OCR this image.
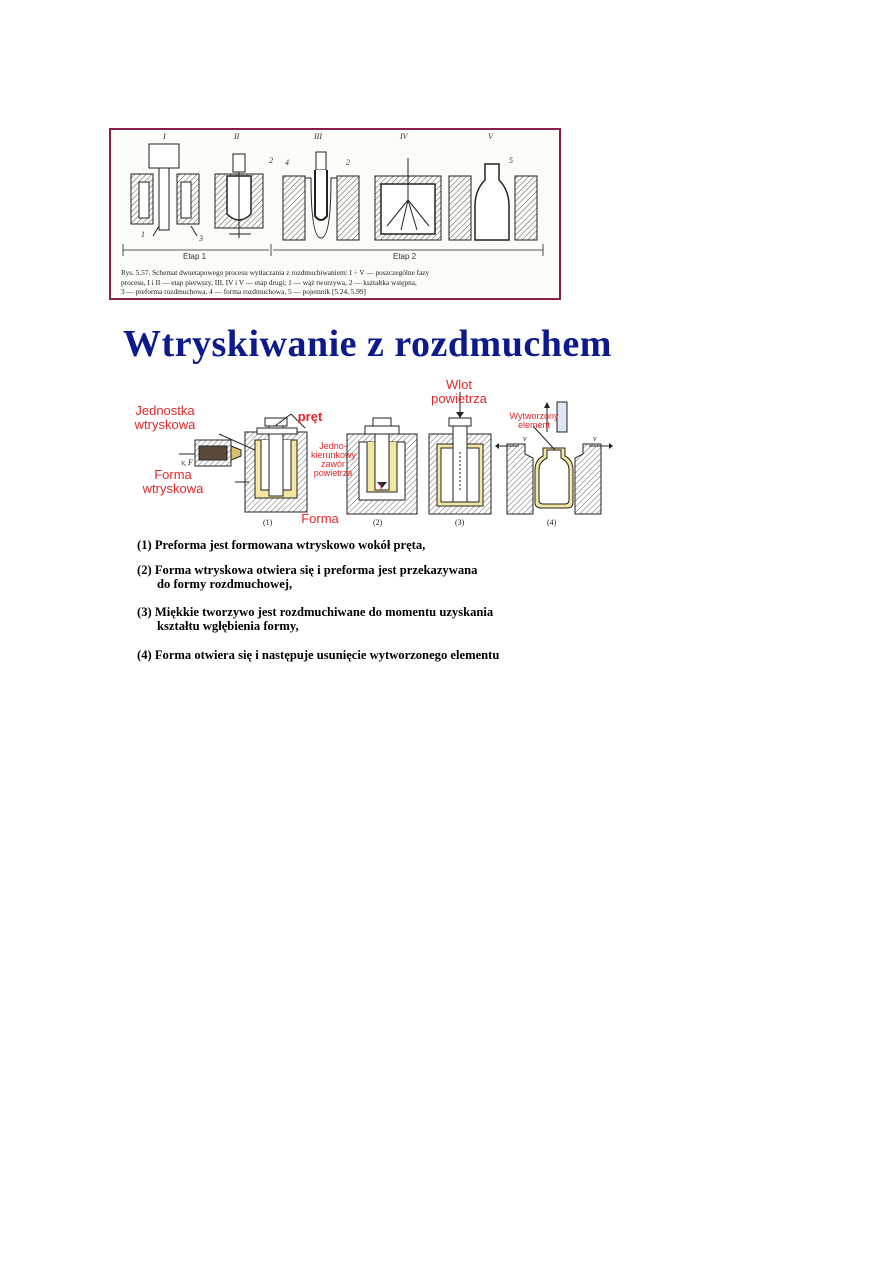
I	II	III	IV	V
1
2
3
4	2	5
Etap 1	Etap 2
Rys. 5.57. Schemat dwuetapowego procesu wytłaczania z rozdmuchiwaniem: I ÷ V — poszczególne fazy
procesu, I i II — etap pierwszy, III, IV i V — etap drugi; 1 — wąż tworzywa, 2 — kształtka wstępna,
3 — preforma rozdmuchowa, 4 — forma rozdmuchowa, 5 — pojemnik [5.24, 5.99]
Wtryskiwanie z rozdmuchem
Jednostka wtryskowa
pręt
Forma wtryskowa
Jedno-kierunkowy zawór powietrza
Forma
Wlot powietrza
Wytworzony element
v, F
v	v
(1)	(2)	(3)	(4)
(1) Preforma jest formowana wtryskowo wokół pręta,
(2) Forma wtryskowa otwiera się i preforma jest przekazywana
do formy rozdmuchowej,
(3) Miękkie tworzywo jest rozdmuchiwane do momentu uzyskania
kształtu wgłębienia formy,
(4) Forma otwiera się i następuje usunięcie wytworzonego elementu
